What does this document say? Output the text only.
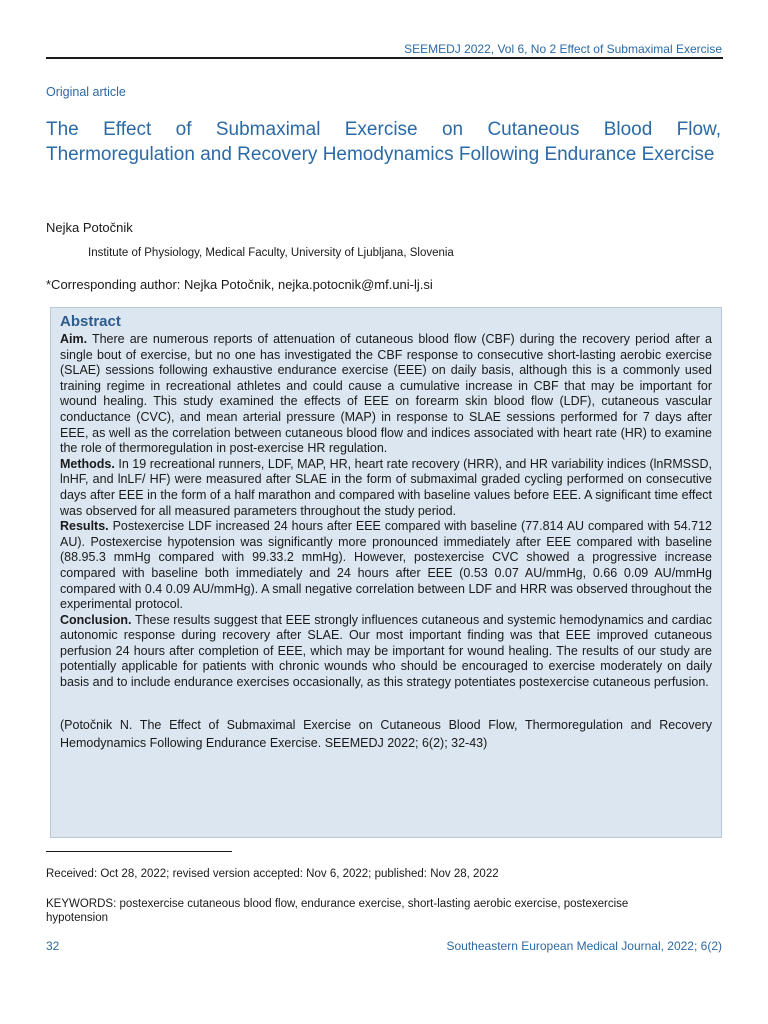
SEEMEDJ 2022, Vol 6, No 2 Effect of Submaximal Exercise
Original article
The Effect of Submaximal Exercise on Cutaneous Blood Flow, Thermoregulation and Recovery Hemodynamics Following Endurance Exercise
Nejka Potočnik
Institute of Physiology, Medical Faculty, University of Ljubljana, Slovenia
*Corresponding author: Nejka Potočnik, nejka.potocnik@mf.uni-lj.si
Abstract

Aim. There are numerous reports of attenuation of cutaneous blood flow (CBF) during the recovery period after a single bout of exercise, but no one has investigated the CBF response to consecutive short-lasting aerobic exercise (SLAE) sessions following exhaustive endurance exercise (EEE) on daily basis, although this is a commonly used training regime in recreational athletes and could cause a cumulative increase in CBF that may be important for wound healing. This study examined the effects of EEE on forearm skin blood flow (LDF), cutaneous vascular conductance (CVC), and mean arterial pressure (MAP) in response to SLAE sessions performed for 7 days after EEE, as well as the correlation between cutaneous blood flow and indices associated with heart rate (HR) to examine the role of thermoregulation in post-exercise HR regulation.

Methods. In 19 recreational runners, LDF, MAP, HR, heart rate recovery (HRR), and HR variability indices (lnRMSSD, lnHF, and lnLF/ HF) were measured after SLAE in the form of submaximal graded cycling performed on consecutive days after EEE in the form of a half marathon and compared with baseline values before EEE. A significant time effect was observed for all measured parameters throughout the study period.

Results. Postexercise LDF increased 24 hours after EEE compared with baseline (77.814 AU compared with 54.712 AU). Postexercise hypotension was significantly more pronounced immediately after EEE compared with baseline (88.95.3 mmHg compared with 99.33.2 mmHg). However, postexercise CVC showed a progressive increase compared with baseline both immediately and 24 hours after EEE (0.53 0.07 AU/mmHg, 0.66 0.09 AU/mmHg compared with 0.4 0.09 AU/mmHg). A small negative correlation between LDF and HRR was observed throughout the experimental protocol.

Conclusion. These results suggest that EEE strongly influences cutaneous and systemic hemodynamics and cardiac autonomic response during recovery after SLAE. Our most important finding was that EEE improved cutaneous perfusion 24 hours after completion of EEE, which may be important for wound healing. The results of our study are potentially applicable for patients with chronic wounds who should be encouraged to exercise moderately on daily basis and to include endurance exercises occasionally, as this strategy potentiates postexercise cutaneous perfusion.

(Potočnik N. The Effect of Submaximal Exercise on Cutaneous Blood Flow, Thermoregulation and Recovery Hemodynamics Following Endurance Exercise. SEEMEDJ 2022; 6(2); 32-43)

Received: Oct 28, 2022; revised version accepted: Nov 6, 2022; published: Nov 28, 2022
KEYWORDS: postexercise cutaneous blood flow, endurance exercise, short-lasting aerobic exercise, postexercise hypotension
32	Southeastern European Medical Journal, 2022; 6(2)
